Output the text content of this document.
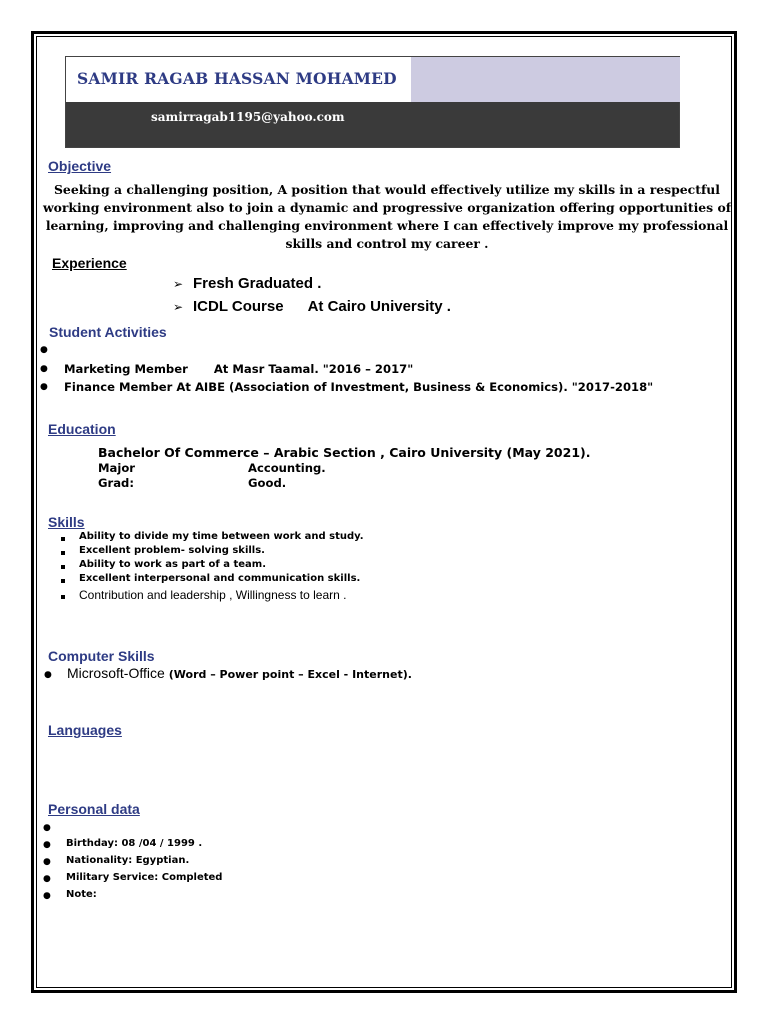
SAMIR RAGAB HASSAN MOHAMED
samirragab1195@yahoo.com
Objective
Seeking a challenging position, A position that would effectively utilize my skills in a respectful working environment also to join a dynamic and progressive organization offering opportunities of learning, improving and challenging environment where I can effectively improve my professional skills and control my career .
Experience
➢ Fresh Graduated .
➢ ICDL Course At Cairo University .
Student Activities
●
● Marketing Member At Masr Taamal. "2016 – 2017"
● Finance Member At AIBE (Association of Investment, Business & Economics). "2017-2018"
Education
Bachelor Of Commerce – Arabic Section , Cairo University (May 2021).
Major	Accounting.
Grad:	Good.
Skills
Ability to divide my time between work and study.
Excellent problem- solving skills.
Ability to work as part of a team.
Excellent interpersonal and communication skills.
Contribution and leadership , Willingness to learn .
Computer Skills
● Microsoft-Office (Word – Power point – Excel - Internet).
Languages
Personal data
●
● Birthday: 08 /04 / 1999 .
● Nationality: Egyptian.
● Military Service: Completed
● Note:
